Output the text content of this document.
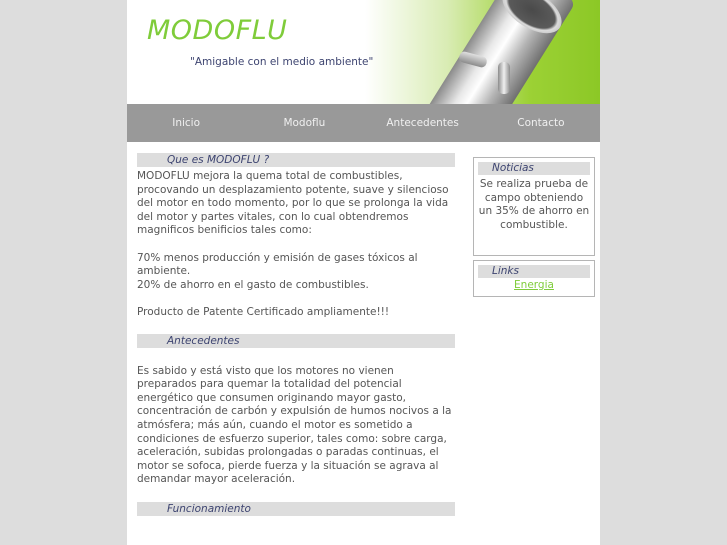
MODOFLU
"Amigable con el medio ambiente"
Inicio	Modoflu	Antecedentes	Contacto
Que es MODOFLU ?

MODOFLU mejora la quema total de combustibles, procovando un desplazamiento potente, suave y silencioso del motor en todo momento, por lo que se prolonga la vida del motor y partes vitales, con lo cual obtendremos magnificos benificios tales como:

70% menos producción y emisión de gases tóxicos al ambiente.

20% de ahorro en el gasto de combustibles.

Producto de Patente Certificado ampliamente!!!

Antecedentes

Es sabido y está visto que los motores no vienen preparados para quemar la totalidad del potencial energético que consumen originando mayor gasto, concentración de carbón y expulsión de humos nocivos a la atmósfera; más aún, cuando el motor es sometido a condiciones de esfuerzo superior, tales como: sobre carga, aceleración, subidas prolongadas o paradas continuas, el motor se sofoca, pierde fuerza y la situación se agrava al demandar mayor aceleración.

Funcionamiento
Noticias
Se realiza prueba de campo obteniendo un 35% de ahorro en combustible.
Links
Energia
